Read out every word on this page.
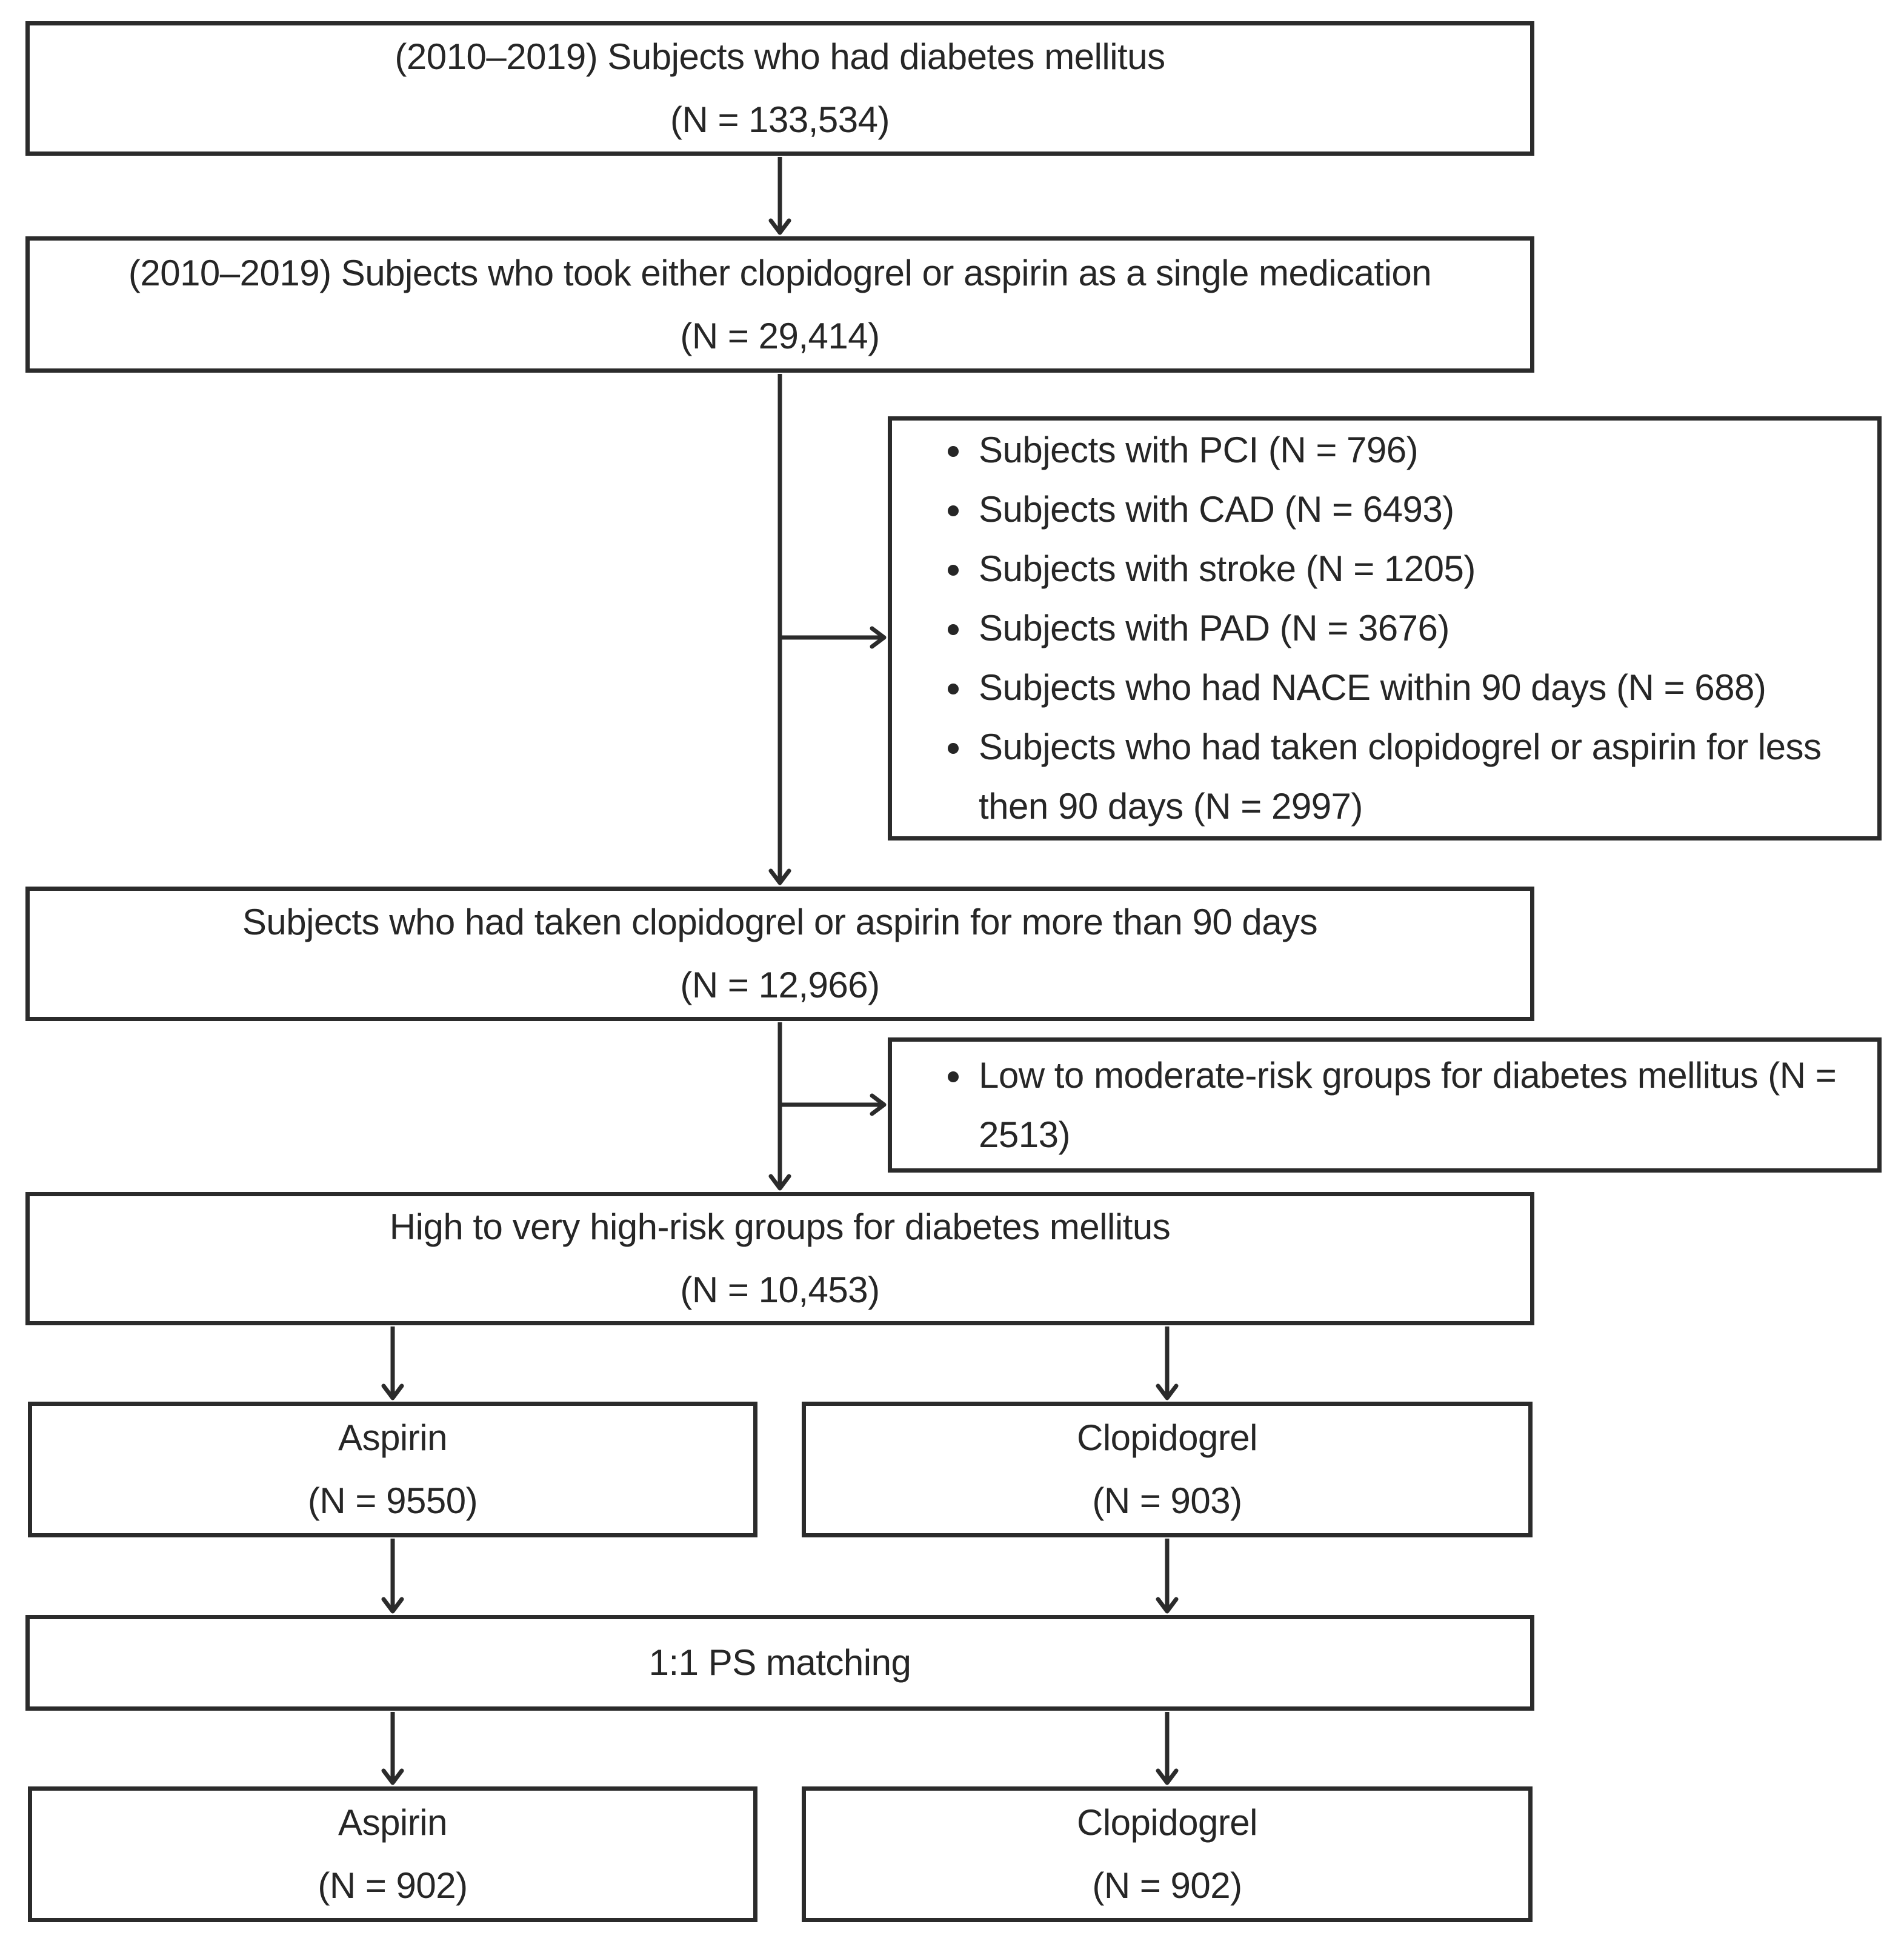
(2010–2019) Subjects who had diabetes mellitus
(N = 133,534)
(2010–2019) Subjects who took either clopidogrel or aspirin as a single medication
(N = 29,414)
• Subjects with PCI (N = 796)
• Subjects with CAD (N = 6493)
• Subjects with stroke (N = 1205)
• Subjects with PAD (N = 3676)
• Subjects who had NACE within 90 days (N = 688)
• Subjects who had taken clopidogrel or aspirin for less then 90 days (N = 2997)
Subjects who had taken clopidogrel or aspirin for more than 90 days
(N = 12,966)
• Low to moderate-risk groups for diabetes mellitus (N = 2513)
High to very high-risk groups for diabetes mellitus
(N = 10,453)
Aspirin
(N = 9550)
Clopidogrel
(N = 903)
1:1 PS matching
Aspirin
(N = 902)
Clopidogrel
(N = 902)
